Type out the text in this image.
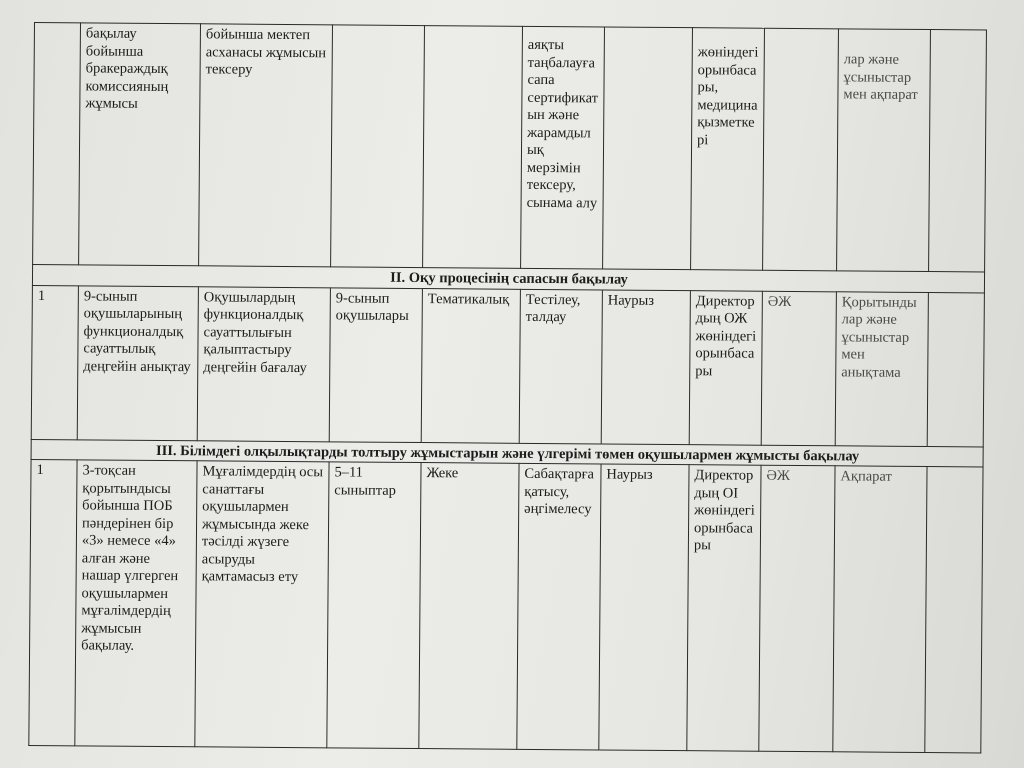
	бақылау бойынша бракераждық комиссияның жұмысы	бойынша мектеп асханасы жұмысын тексеру			аяқты таңбалауға сапа сертификатын және жарамдылық мерзімін тексеру, сынама алу		жөніндегі орынбасары, медицина қызметкері		лар және ұсыныстар мен ақпарат	

ІІ. Оқу процесінің сапасын бақылау										
1	9-сынып оқушыларының функционалдық сауаттылық деңгейін анықтау	Оқушылардың функционалдық сауаттылығын қалыптастыру деңгейін бағалау	9-сынып оқушылары	Тематикалық	Тестілеу, талдау	Наурыз	Директордың ОЖ жөніндегі орынбасары	ӘЖ	Қорытындылар және ұсыныстар мен анықтама	
ІІІ. Білімдегі олқылықтарды толтыру жұмыстарын және үлгерімі төмен оқушылармен жұмысты бақылау										
1	3-тоқсан қорытындысы бойынша ПОБ пәндерінен бір «3» немесе «4» алған және нашар үлгерген оқушылармен мұғалімдердің жұмысын бақылау.	Мұғалімдердің осы санаттағы оқушылармен жұмысында жеке тәсілді жүзеге асыруды қамтамасыз ету	5–11 сыныптар	Жеке	Сабақтарға қатысу, әңгімелесу	Наурыз	Директордың ОІ жөніндегі орынбасары	ӘЖ	Ақпарат	
